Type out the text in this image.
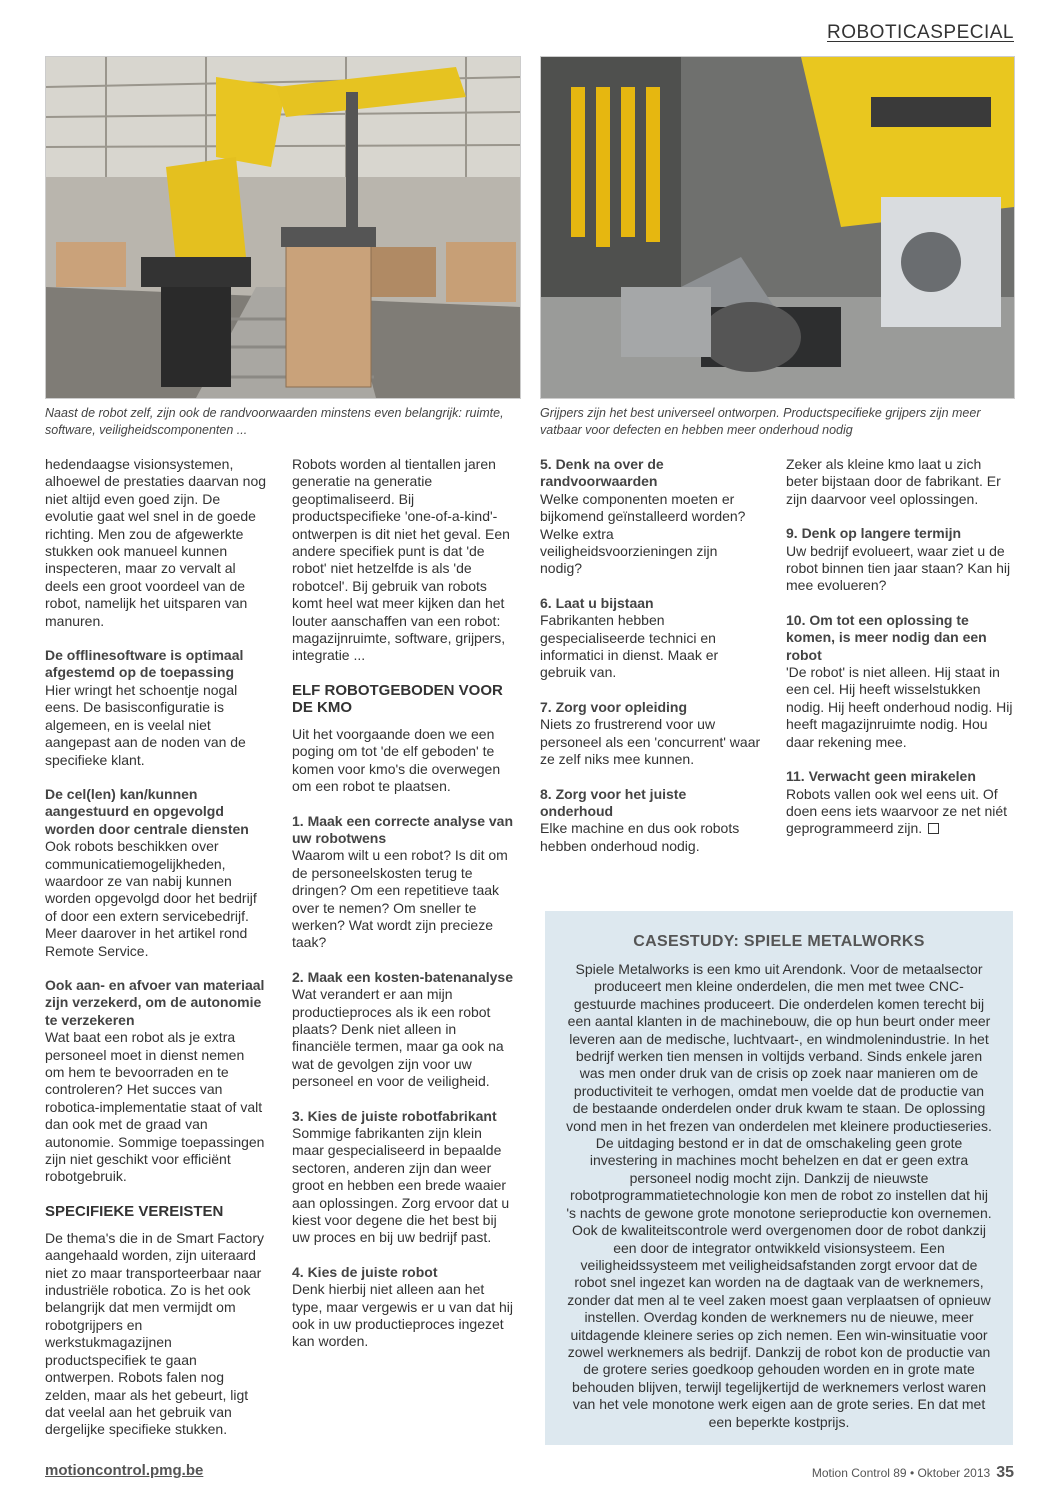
ROBOTICASPECIAL
Naast de robot zelf, zijn ook de randvoorwaarden minstens even belangrijk: ruimte, software, veiligheidscomponenten ...
Grijpers zijn het best universeel ontworpen. Productspecifieke grijpers zijn meer vatbaar voor defecten en hebben meer onderhoud nodig

hedendaagse visionsystemen, alhoewel de prestaties daarvan nog niet altijd even goed zijn. De evolutie gaat wel snel in de goede richting. Men zou de afgewerkte stukken ook manueel kunnen inspecteren, maar zo vervalt al deels een groot voordeel van de robot, namelijk het uitsparen van manuren.

De offlinesoftware is optimaal afgestemd op de toepassing
Hier wringt het schoentje nogal eens. De basisconfiguratie is algemeen, en is veelal niet aangepast aan de noden van de specifieke klant.

De cel(len) kan/kunnen aangestuurd en opgevolgd worden door centrale diensten
Ook robots beschikken over communicatiemogelijkheden, waardoor ze van nabij kunnen worden opgevolgd door het bedrijf of door een extern servicebedrijf. Meer daarover in het artikel rond Remote Service.

Ook aan- en afvoer van materiaal zijn verzekerd, om de autonomie te verzekeren
Wat baat een robot als je extra personeel moet in dienst nemen om hem te bevoorraden en te controleren? Het succes van robotica-implementatie staat of valt dan ook met de graad van autonomie. Sommige toepassingen zijn niet geschikt voor efficiënt robotgebruik.

SPECIFIEKE VEREISTEN

De thema's die in de Smart Factory aangehaald worden, zijn uiteraard niet zo maar transporteerbaar naar industriële robotica. Zo is het ook belangrijk dat men vermijdt om robotgrijpers en werkstukmagazijnen productspecifiek te gaan ontwerpen. Robots falen nog zelden, maar als het gebeurt, ligt dat veelal aan het gebruik van dergelijke specifieke stukken.

Robots worden al tientallen jaren generatie na generatie geoptimaliseerd. Bij productspecifieke 'one-of-a-kind'-ontwerpen is dit niet het geval. Een andere specifiek punt is dat 'de robot' niet hetzelfde is als 'de robotcel'. Bij gebruik van robots komt heel wat meer kijken dan het louter aanschaffen van een robot: magazijnruimte, software, grijpers, integratie ...

ELF ROBOTGEBODEN VOOR DE KMO

Uit het voorgaande doen we een poging om tot 'de elf geboden' te komen voor kmo's die overwegen om een robot te plaatsen.

1. Maak een correcte analyse van uw robotwens
Waarom wilt u een robot? Is dit om de personeelskosten terug te dringen? Om een repetitieve taak over te nemen? Om sneller te werken? Wat wordt zijn precieze taak?

2. Maak een kosten-batenanalyse
Wat verandert er aan mijn productieproces als ik een robot plaats? Denk niet alleen in financiële termen, maar ga ook na wat de gevolgen zijn voor uw personeel en voor de veiligheid.

3. Kies de juiste robotfabrikant
Sommige fabrikanten zijn klein maar gespecialiseerd in bepaalde sectoren, anderen zijn dan weer groot en hebben een brede waaier aan oplossingen. Zorg ervoor dat u kiest voor degene die het best bij uw proces en bij uw bedrijf past.

4. Kies de juiste robot
Denk hierbij niet alleen aan het type, maar vergewis er u van dat hij ook in uw productieproces ingezet kan worden.

5. Denk na over de randvoorwaarden
Welke componenten moeten er bijkomend geïnstalleerd worden? Welke extra veiligheidsvoorzieningen zijn nodig?

6. Laat u bijstaan
Fabrikanten hebben gespecialiseerde technici en informatici in dienst. Maak er gebruik van.

7. Zorg voor opleiding
Niets zo frustrerend voor uw personeel als een 'concurrent' waar ze zelf niks mee kunnen.

8. Zorg voor het juiste onderhoud
Elke machine en dus ook robots hebben onderhoud nodig.

Zeker als kleine kmo laat u zich beter bijstaan door de fabrikant. Er zijn daarvoor veel oplossingen.

9. Denk op langere termijn
Uw bedrijf evolueert, waar ziet u de robot binnen tien jaar staan? Kan hij mee evolueren?

10. Om tot een oplossing te komen, is meer nodig dan een robot
'De robot' is niet alleen. Hij staat in een cel. Hij heeft wisselstukken nodig. Hij heeft onderhoud nodig. Hij heeft magazijnruimte nodig. Hou daar rekening mee.

11. Verwacht geen mirakelen
Robots vallen ook wel eens uit. Of doen eens iets waarvoor ze net niét geprogrammeerd zijn.

CASESTUDY: SPIELE METALWORKS

Spiele Metalworks is een kmo uit Arendonk. Voor de metaalsector produceert men kleine onderdelen, die men met twee CNC-gestuurde machines produceert. Die onderdelen komen terecht bij een aantal klanten in de machinebouw, die op hun beurt onder meer leveren aan de medische, luchtvaart-, en windmolenindustrie. In het bedrijf werken tien mensen in voltijds verband. Sinds enkele jaren was men onder druk van de crisis op zoek naar manieren om de productiviteit te verhogen, omdat men voelde dat de productie van de bestaande onderdelen onder druk kwam te staan. De oplossing vond men in het frezen van onderdelen met kleinere productieseries. De uitdaging bestond er in dat de omschakeling geen grote investering in machines mocht behelzen en dat er geen extra personeel nodig mocht zijn. Dankzij de nieuwste robotprogrammatietechnologie kon men de robot zo instellen dat hij 's nachts de gewone grote monotone serieproductie kon overnemen. Ook de kwaliteitscontrole werd overgenomen door de robot dankzij een door de integrator ontwikkeld visionsysteem. Een veiligheidssysteem met veiligheidsafstanden zorgt ervoor dat de robot snel ingezet kan worden na de dagtaak van de werknemers, zonder dat men al te veel zaken moest gaan verplaatsen of opnieuw instellen. Overdag konden de werknemers nu de nieuwe, meer uitdagende kleinere series op zich nemen. Een win-winsituatie voor zowel werknemers als bedrijf. Dankzij de robot kon de productie van de grotere series goedkoop gehouden worden en in grote mate behouden blijven, terwijl tegelijkertijd de werknemers verlost waren van het vele monotone werk eigen aan de grote series. En dat met een beperkte kostprijs.

motioncontrol.pmg.be	Motion Control 89 • Oktober 2013 35
